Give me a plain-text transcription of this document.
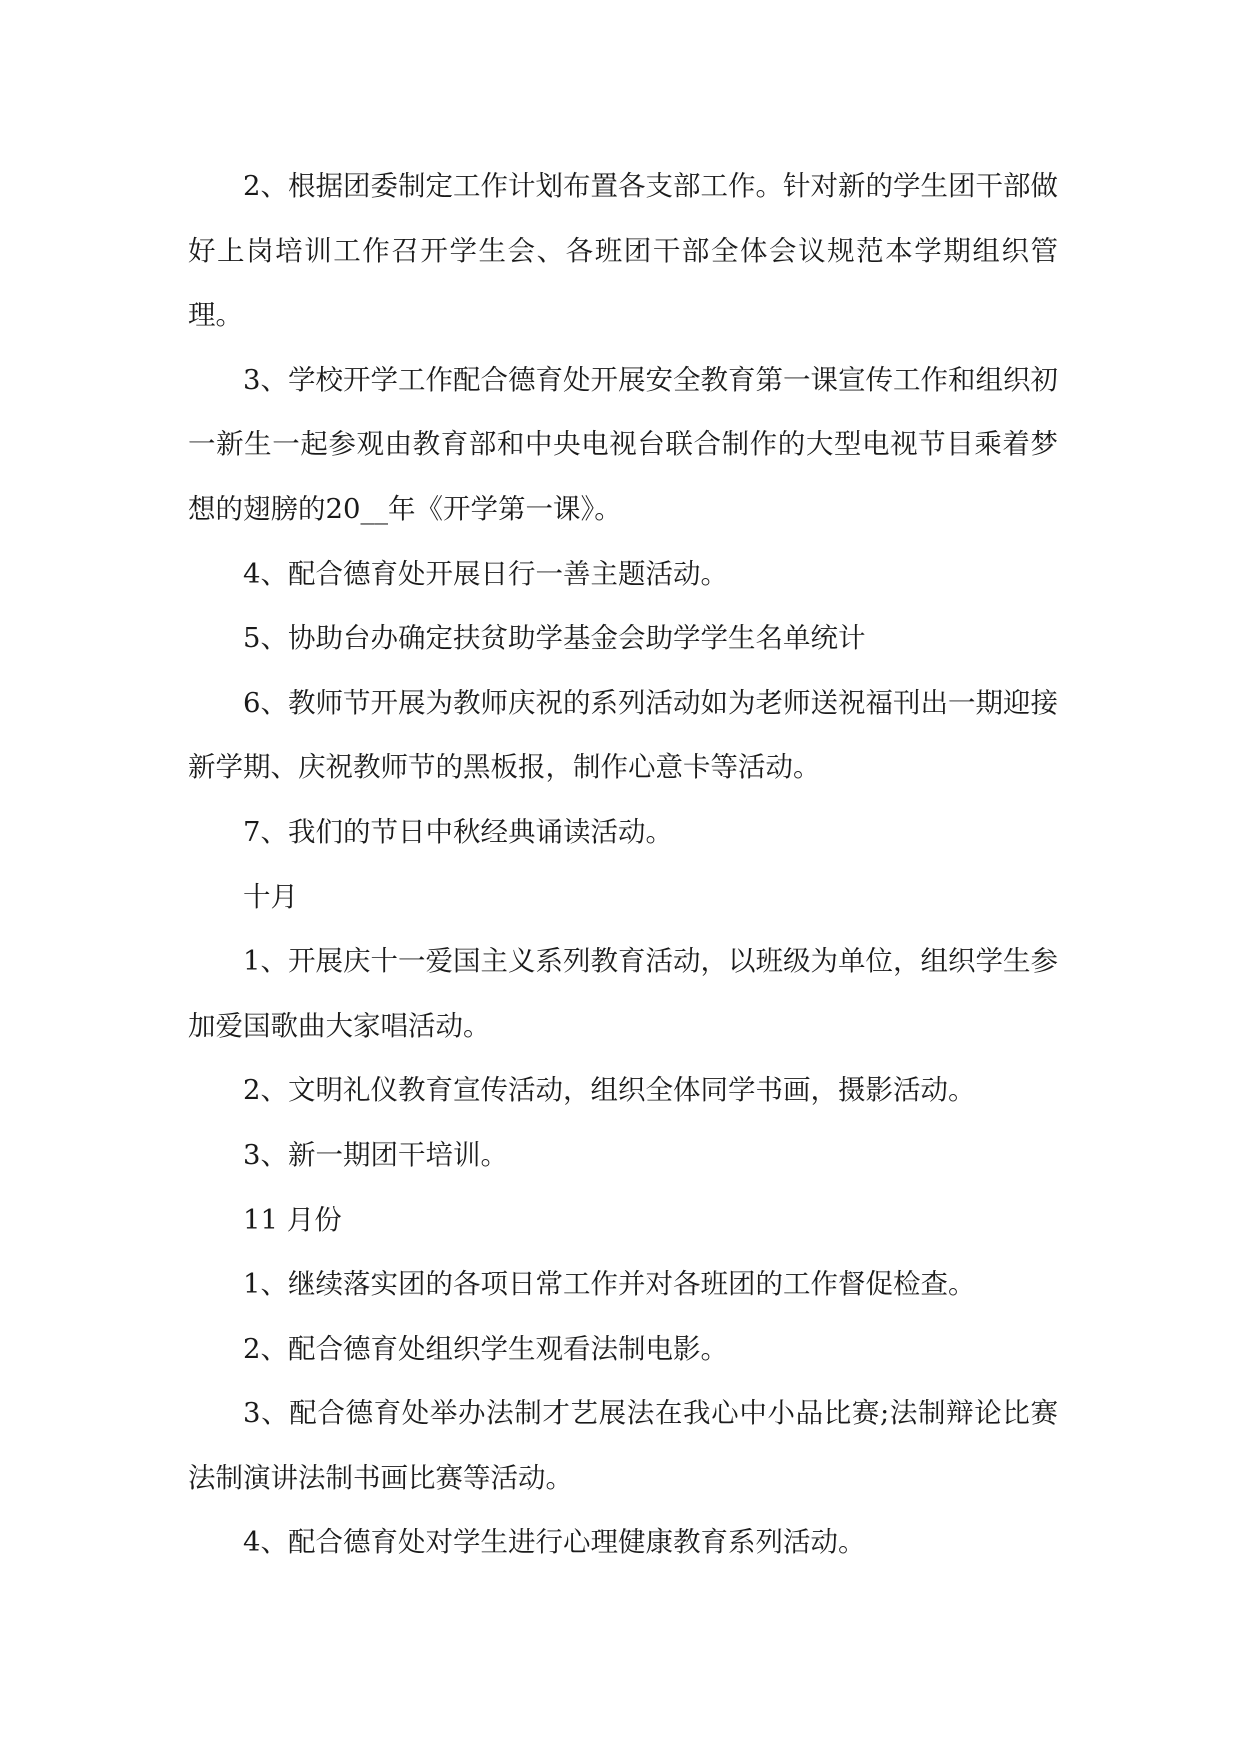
2、根据团委制定工作计划布置各支部工作。针对新的学生团干部做好上岗培训工作召开学生会、各班团干部全体会议规范本学期组织管理。

3、学校开学工作配合德育处开展安全教育第一课宣传工作和组织初一新生一起参观由教育部和中央电视台联合制作的大型电视节目乘着梦想的翅膀的20__年《开学第一课》。

4、配合德育处开展日行一善主题活动。

5、协助台办确定扶贫助学基金会助学学生名单统计

6、教师节开展为教师庆祝的系列活动如为老师送祝福刊出一期迎接新学期、庆祝教师节的黑板报，制作心意卡等活动。

7、我们的节日中秋经典诵读活动。

十月

1、开展庆十一爱国主义系列教育活动，以班级为单位，组织学生参加爱国歌曲大家唱活动。

2、文明礼仪教育宣传活动，组织全体同学书画，摄影活动。

3、新一期团干培训。

11 月份

1、继续落实团的各项日常工作并对各班团的工作督促检查。

2、配合德育处组织学生观看法制电影。

3、配合德育处举办法制才艺展法在我心中小品比赛;法制辩论比赛法制演讲法制书画比赛等活动。

4、配合德育处对学生进行心理健康教育系列活动。
